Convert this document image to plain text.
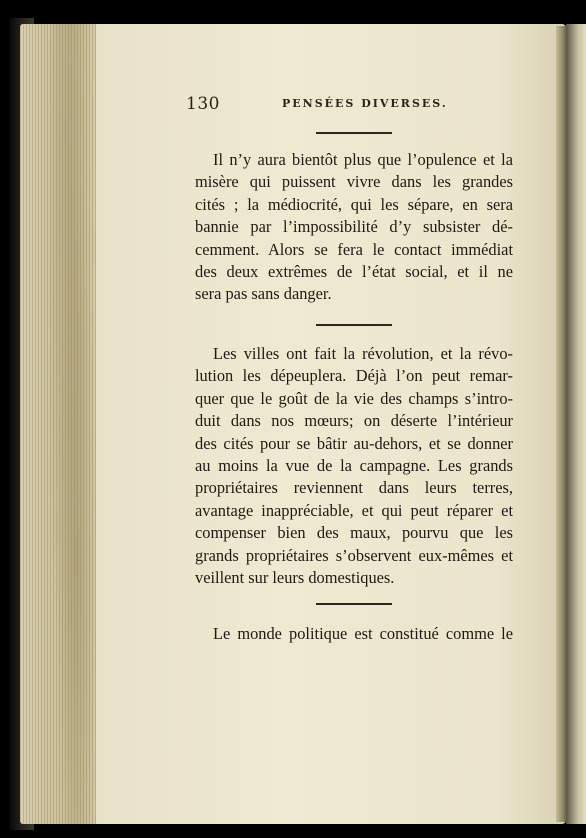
130	PENSÉES DIVERSES.

Il n’y aura bientôt plus que l’opulence et la
misère qui puissent vivre dans les grandes
cités ; la médiocrité, qui les sépare, en sera
bannie par l’impossibilité d’y subsister dé-
cemment. Alors se fera le contact immédiat
des deux extrêmes de l’état social, et il ne
sera pas sans danger.

Les villes ont fait la révolution, et la révo-
lution les dépeuplera. Déjà l’on peut remar-
quer que le goût de la vie des champs s’intro-
duit dans nos mœurs; on déserte l’intérieur
des cités pour se bâtir au-dehors, et se donner
au moins la vue de la campagne. Les grands
propriétaires reviennent dans leurs terres,
avantage inappréciable, et qui peut réparer et
compenser bien des maux, pourvu que les
grands propriétaires s’observent eux-mêmes et
veillent sur leurs domestiques.

Le monde politique est constitué comme le
